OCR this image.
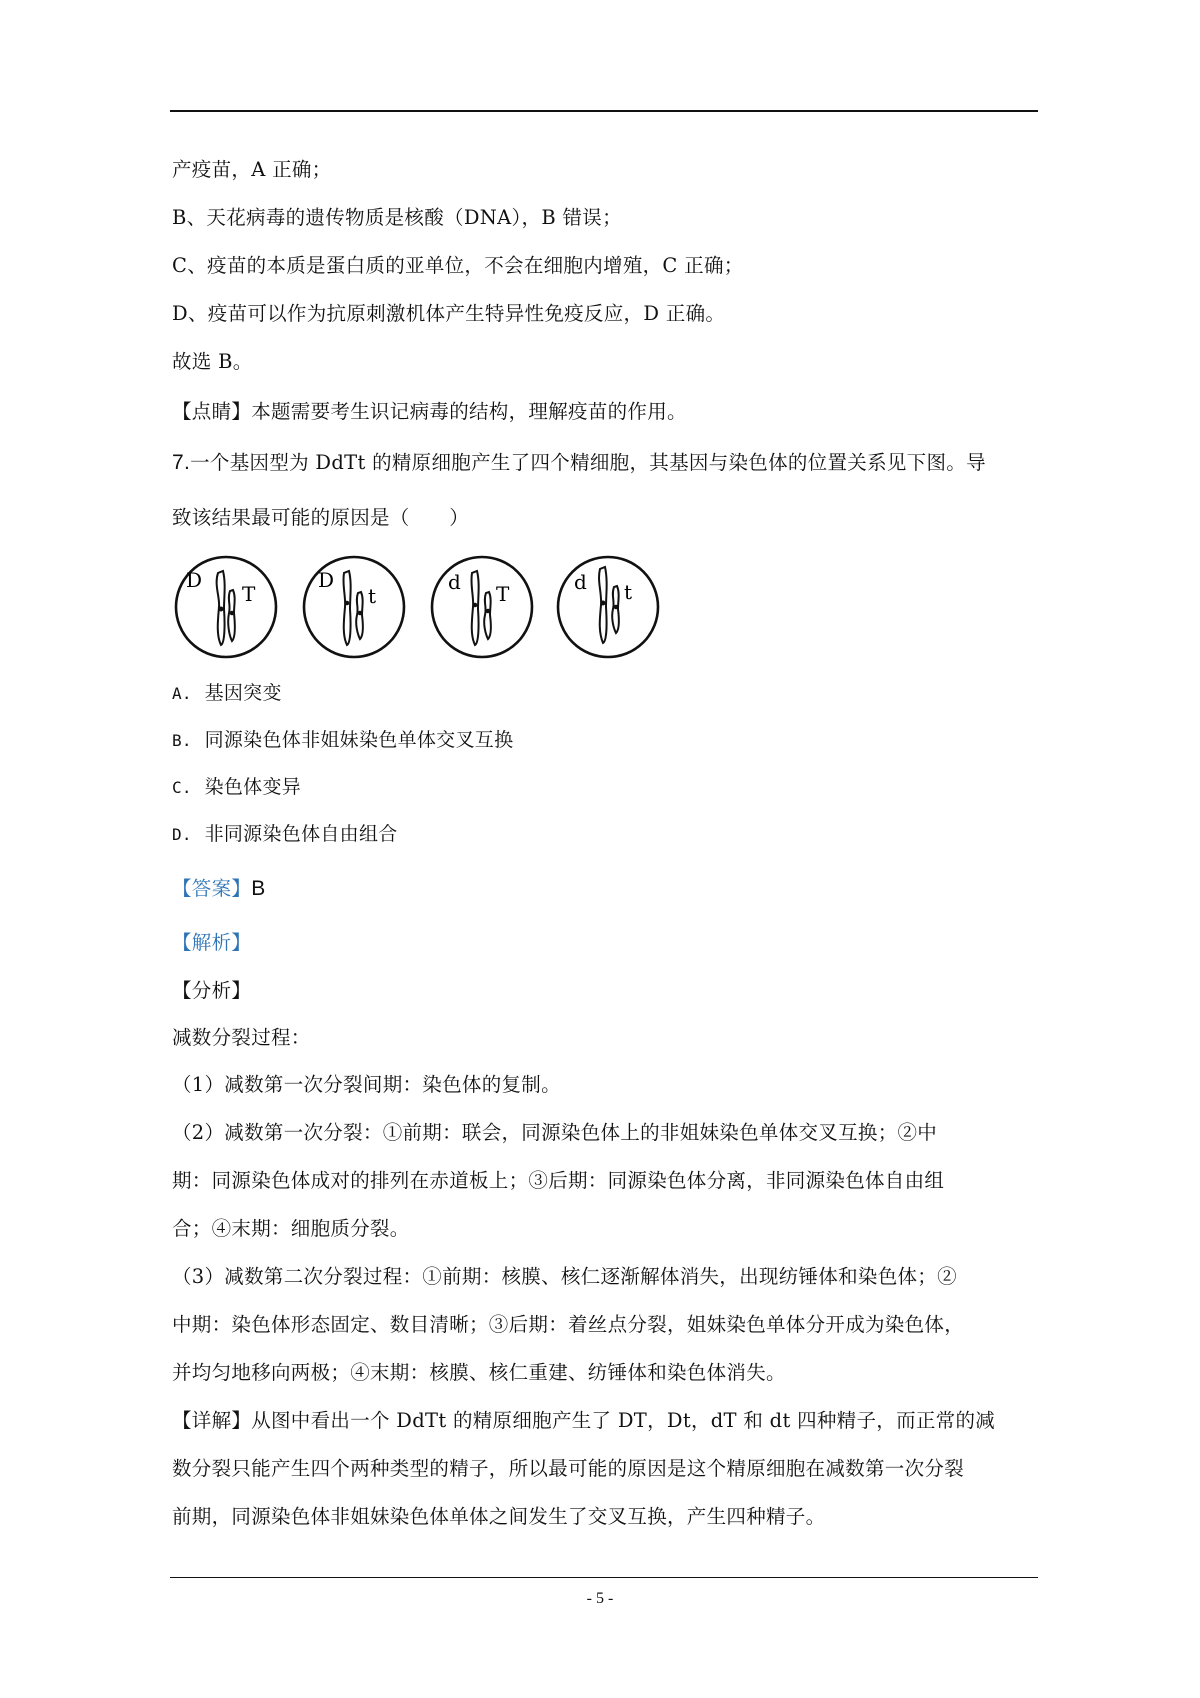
产疫苗，A 正确；
B、天花病毒的遗传物质是核酸（DNA），B 错误；
C、疫苗的本质是蛋白质的亚单位，不会在细胞内增殖，C 正确；
D、疫苗可以作为抗原刺激机体产生特异性免疫反应，D 正确。
故选 B。
【点睛】本题需要考生识记病毒的结构，理解疫苗的作用。
7.一个基因型为 DdTt 的精原细胞产生了四个精细胞，其基因与染色体的位置关系见下图。导
致该结果最可能的原因是（　　）
D
T
D
t
d T	d t
A. 基因突变
B. 同源染色体非姐妹染色单体交叉互换
C. 染色体变异
D. 非同源染色体自由组合
【答案】B
【解析】
【分析】
减数分裂过程：
（1）减数第一次分裂间期：染色体的复制。
（2）减数第一次分裂：①前期：联会，同源染色体上的非姐妹染色单体交叉互换；②中
期：同源染色体成对的排列在赤道板上；③后期：同源染色体分离，非同源染色体自由组
合；④末期：细胞质分裂。
（3）减数第二次分裂过程：①前期：核膜、核仁逐渐解体消失，出现纺锤体和染色体；②
中期：染色体形态固定、数目清晰；③后期：着丝点分裂，姐妹染色单体分开成为染色体，
并均匀地移向两极；④末期：核膜、核仁重建、纺锤体和染色体消失。
【详解】从图中看出一个 DdTt 的精原细胞产生了 DT，Dt，dT 和 dt 四种精子，而正常的减
数分裂只能产生四个两种类型的精子，所以最可能的原因是这个精原细胞在减数第一次分裂
前期，同源染色体非姐妹染色体单体之间发生了交叉互换，产生四种精子。
- 5 -
